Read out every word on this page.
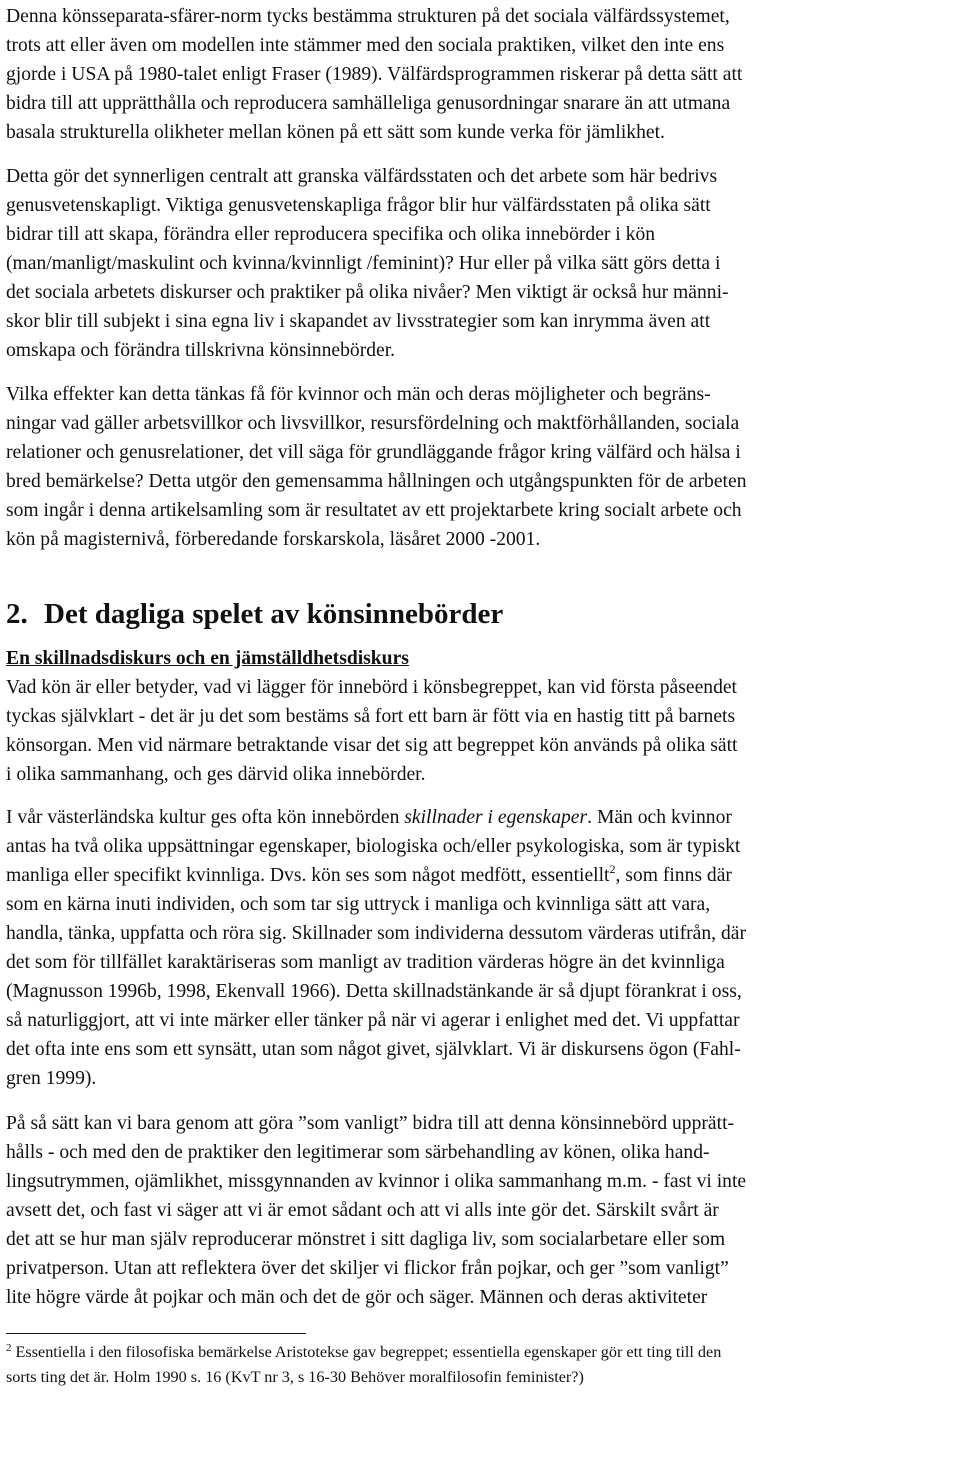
Denna könsseparata-sfärer-norm tycks bestämma strukturen på det sociala välfärdssystemet,
trots att eller även om modellen inte stämmer med den sociala praktiken, vilket den inte ens
gjorde i USA på 1980-talet enligt Fraser (1989). Välfärdsprogrammen riskerar på detta sätt att
bidra till att upprätthålla och reproducera samhälleliga genusordningar snarare än att utmana
basala strukturella olikheter mellan könen på ett sätt som kunde verka för jämlikhet.

Detta gör det synnerligen centralt att granska välfärdsstaten och det arbete som här bedrivs
genusvetenskapligt. Viktiga genusvetenskapliga frågor blir hur välfärdsstaten på olika sätt
bidrar till att skapa, förändra eller reproducera specifika och olika innebörder i kön
(man/manligt/maskulint och kvinna/kvinnligt /feminint)? Hur eller på vilka sätt görs detta i
det sociala arbetets diskurser och praktiker på olika nivåer? Men viktigt är också hur männi-
skor blir till subjekt i sina egna liv i skapandet av livsstrategier som kan inrymma även att
omskapa och förändra tillskrivna könsinnebörder.

Vilka effekter kan detta tänkas få för kvinnor och män och deras möjligheter och begräns-
ningar vad gäller arbetsvillkor och livsvillkor, resursfördelning och maktförhållanden, sociala
relationer och genusrelationer, det vill säga för grundläggande frågor kring välfärd och hälsa i
bred bemärkelse? Detta utgör den gemensamma hållningen och utgångspunkten för de arbeten
som ingår i denna artikelsamling som är resultatet av ett projektarbete kring socialt arbete och
kön på magisternivå, förberedande forskarskola, läsåret 2000 -2001.

2. Det dagliga spelet av könsinnebörder
En skillnadsdiskurs och en jämställdhetsdiskurs

Vad kön är eller betyder, vad vi lägger för innebörd i könsbegreppet, kan vid första påseendet
tyckas självklart - det är ju det som bestäms så fort ett barn är fött via en hastig titt på barnets
könsorgan. Men vid närmare betraktande visar det sig att begreppet kön används på olika sätt
i olika sammanhang, och ges därvid olika innebörder.

I vår västerländska kultur ges ofta kön innebörden skillnader i egenskaper. Män och kvinnor
antas ha två olika uppsättningar egenskaper, biologiska och/eller psykologiska, som är typiskt
manliga eller specifikt kvinnliga. Dvs. kön ses som något medfött, essentiellt$^2$, som finns där
som en kärna inuti individen, och som tar sig uttryck i manliga och kvinnliga sätt att vara,
handla, tänka, uppfatta och röra sig. Skillnader som individerna dessutom värderas utifrån, där
det som för tillfället karaktäriseras som manligt av tradition värderas högre än det kvinnliga
(Magnusson 1996b, 1998, Ekenvall 1966). Detta skillnadstänkande är så djupt förankrat i oss,
så naturliggjort, att vi inte märker eller tänker på när vi agerar i enlighet med det. Vi uppfattar
det ofta inte ens som ett synsätt, utan som något givet, självklart. Vi är diskursens ögon (Fahl-
gren 1999).

På så sätt kan vi bara genom att göra ”som vanligt” bidra till att denna könsinnebörd upprätt-
hålls - och med den de praktiker den legitimerar som särbehandling av könen, olika hand-
lingsutrymmen, ojämlikhet, missgynnanden av kvinnor i olika sammanhang m.m. - fast vi inte
avsett det, och fast vi säger att vi är emot sådant och att vi alls inte gör det. Särskilt svårt är
det att se hur man själv reproducerar mönstret i sitt dagliga liv, som socialarbetare eller som
privatperson. Utan att reflektera över det skiljer vi flickor från pojkar, och ger ”som vanligt”
lite högre värde åt pojkar och män och det de gör och säger. Männen och deras aktiviteter

$^2$ Essentiella i den filosofiska bemärkelse Aristotekse gav begreppet; essentiella egenskaper gör ett ting till den
sorts ting det är. Holm 1990 s. 16 (KvT nr 3, s 16-30 Behöver moralfilosofin feminister?)
